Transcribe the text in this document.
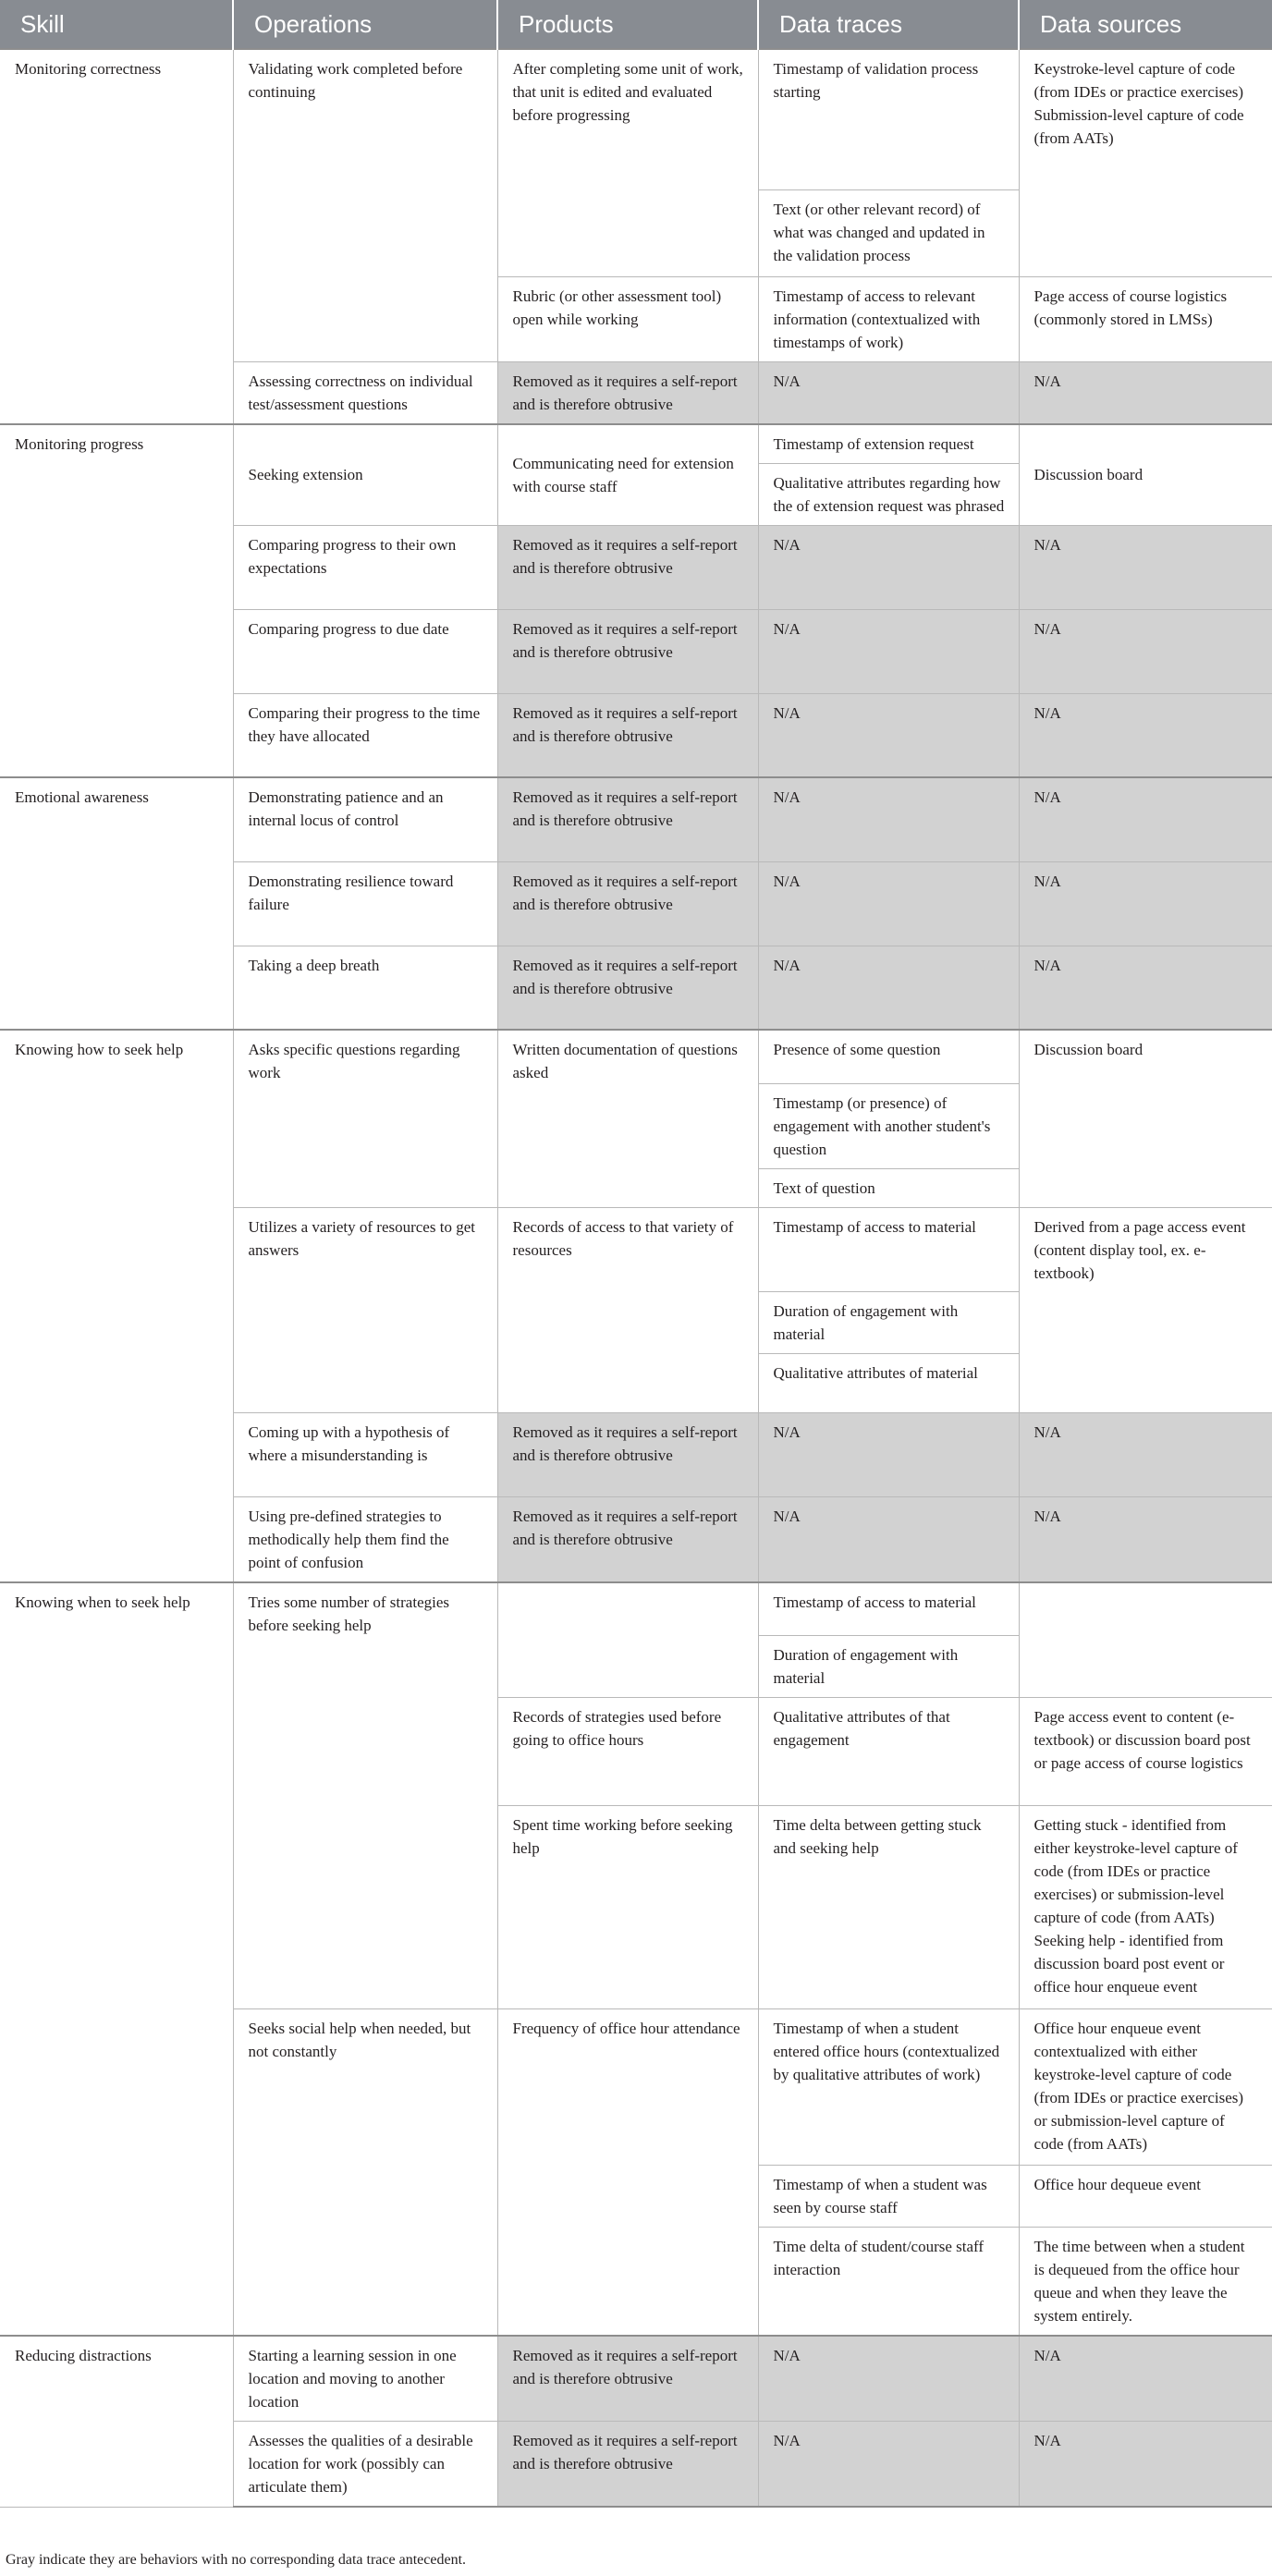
Skill	Operations	Products	Data traces	Data sources
Monitoring correctness	Validating work completed before continuing	After completing some unit of work, that unit is edited and evaluated before progressing	Timestamp of validation process starting	Keystroke-level capture of code (from IDEs or practice exercises) Submission-level capture of code (from AATs)
			Text (or other relevant record) of what was changed and updated in the validation process	
		Rubric (or other assessment tool) open while working	Timestamp of access to relevant information (contextualized with timestamps of work)	Page access of course logistics (commonly stored in LMSs)
	Assessing correctness on individual test/assessment questions	Removed as it requires a self-report and is therefore obtrusive	N/A	N/A
Monitoring progress	Seeking extension	Communicating need for extension with course staff	Timestamp of extension request	Discussion board
			Qualitative attributes regarding how the of extension request was phrased	
	Comparing progress to their own expectations	Removed as it requires a self-report and is therefore obtrusive	N/A	N/A
	Comparing progress to due date	Removed as it requires a self-report and is therefore obtrusive	N/A	N/A
	Comparing their progress to the time they have allocated	Removed as it requires a self-report and is therefore obtrusive	N/A	N/A
Emotional awareness	Demonstrating patience and an internal locus of control	Removed as it requires a self-report and is therefore obtrusive	N/A	N/A
	Demonstrating resilience toward failure	Removed as it requires a self-report and is therefore obtrusive	N/A	N/A
	Taking a deep breath	Removed as it requires a self-report and is therefore obtrusive	N/A	N/A
Knowing how to seek help	Asks specific questions regarding work	Written documentation of questions asked	Presence of some question	Discussion board
			Timestamp (or presence) of engagement with another student's question	
			Text of question	
	Utilizes a variety of resources to get answers	Records of access to that variety of resources	Timestamp of access to material	Derived from a page access event (content display tool, ex. e-textbook)
			Duration of engagement with material	
			Qualitative attributes of material	
	Coming up with a hypothesis of where a misunderstanding is	Removed as it requires a self-report and is therefore obtrusive	N/A	N/A
	Using pre-defined strategies to methodically help them find the point of confusion	Removed as it requires a self-report and is therefore obtrusive	N/A	N/A
Knowing when to seek help	Tries some number of strategies before seeking help		Timestamp of access to material	
			Duration of engagement with material	
		Records of strategies used before going to office hours	Qualitative attributes of that engagement	Page access event to content (e-textbook) or discussion board post or page access of course logistics
		Spent time working before seeking help	Time delta between getting stuck and seeking help	Getting stuck - identified from either keystroke-level capture of code (from IDEs or practice exercises) or submission-level capture of code (from AATs) Seeking help - identified from discussion board post event or office hour enqueue event
	Seeks social help when needed, but not constantly	Frequency of office hour attendance	Timestamp of when a student entered office hours (contextualized by qualitative attributes of work)	Office hour enqueue event contextualized with either keystroke-level capture of code (from IDEs or practice exercises) or submission-level capture of code (from AATs)
			Timestamp of when a student was seen by course staff	Office hour dequeue event
			Time delta of student/course staff interaction	The time between when a student is dequeued from the office hour queue and when they leave the system entirely.
Reducing distractions	Starting a learning session in one location and moving to another location	Removed as it requires a self-report and is therefore obtrusive	N/A	N/A
	Assesses the qualities of a desirable location for work (possibly can articulate them)	Removed as it requires a self-report and is therefore obtrusive	N/A	N/A
Gray indicate they are behaviors with no corresponding data trace antecedent.
